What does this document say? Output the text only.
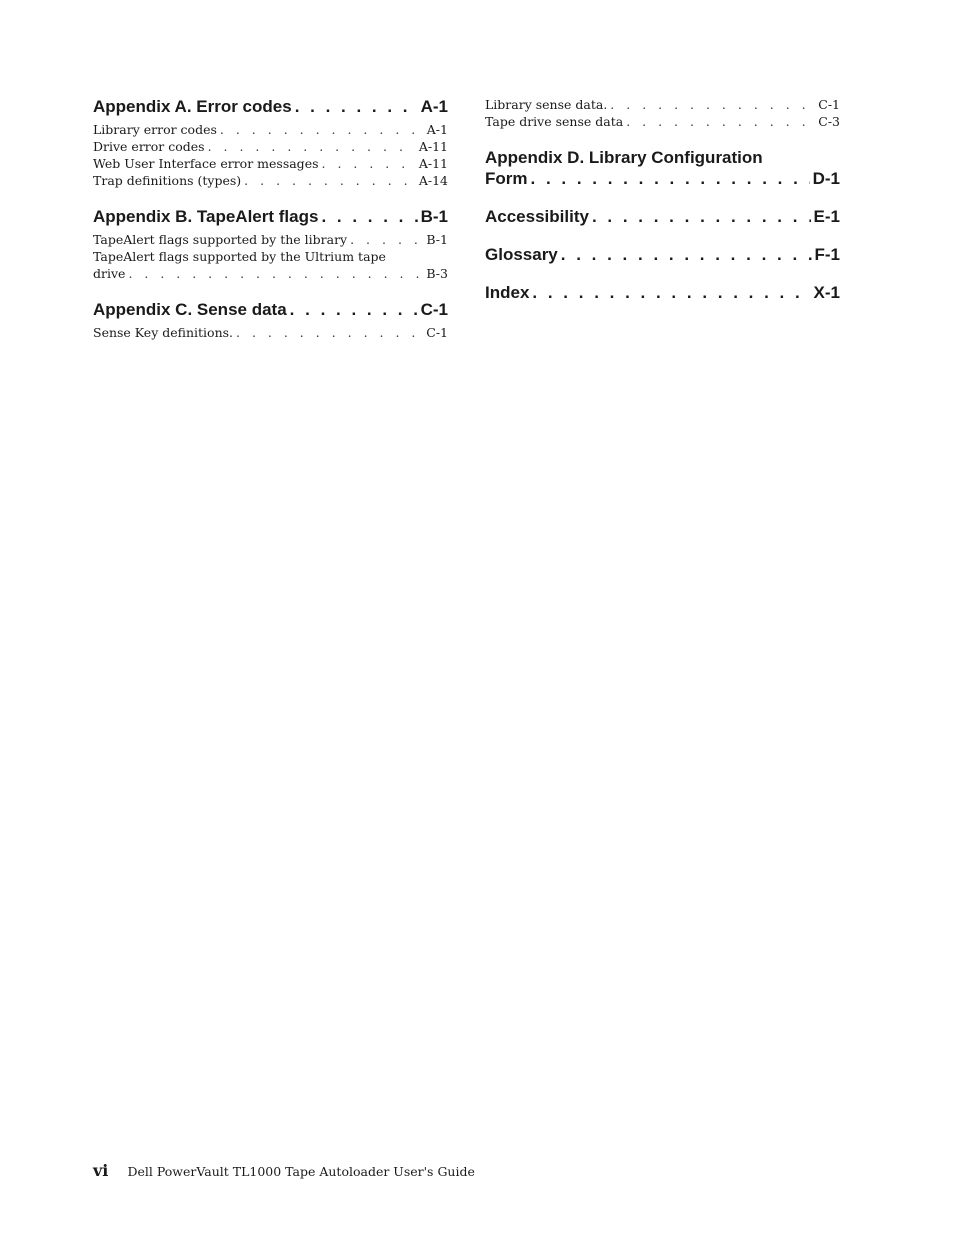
Appendix A. Error codes . . .	A-1
Library error codes . . .	A-1
Drive error codes . . .	A-11
Web User Interface error messages . . .	A-11
Trap definitions (types) . . .	A-14
Appendix B. TapeAlert flags . . .	B-1
TapeAlert flags supported by the library . . .	B-1
TapeAlert flags supported by the Ultrium tape
drive . . .	B-3
Appendix C. Sense data . . .	C-1
Sense Key definitions. . . .	C-1
Library sense data. . . .	C-1
Tape drive sense data . . .	C-3
Appendix D. Library Configuration
Form . . .	D-1
Accessibility . . .	E-1
Glossary . . .	F-1
Index . . .	X-1
vi Dell PowerVault TL1000 Tape Autoloader User's Guide
